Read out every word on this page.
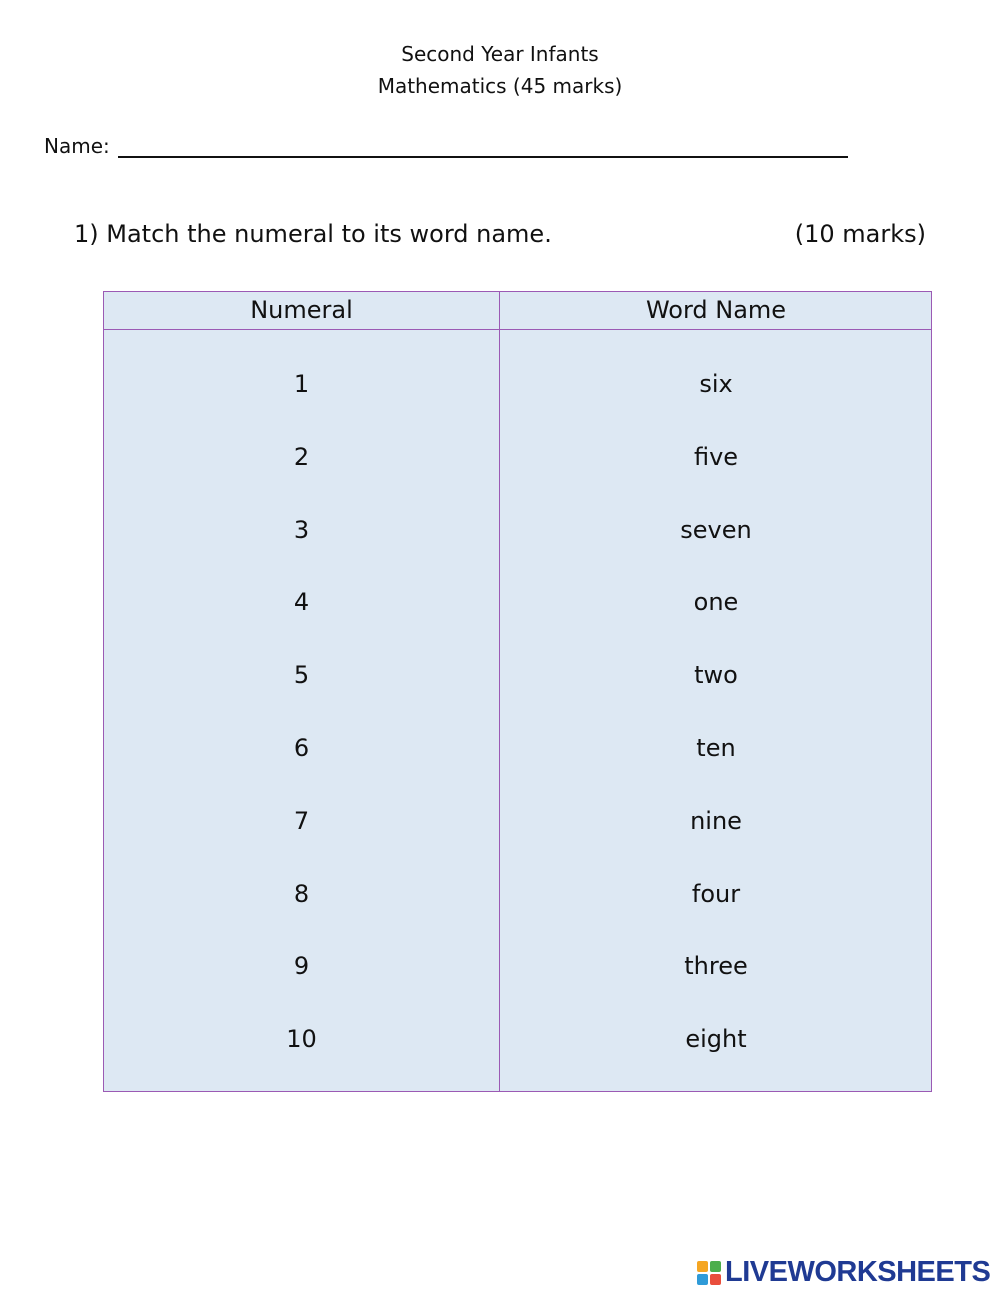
Second Year Infants
Mathematics (45 marks)
Name:
1) Match the numeral to its word name.	(10 marks)
Numeral	Word Name
1	six
2	five
3	seven
4	one
5	two
6	ten
7	nine
8	four
9	three
10	eight
LIVEWORKSHEETS
